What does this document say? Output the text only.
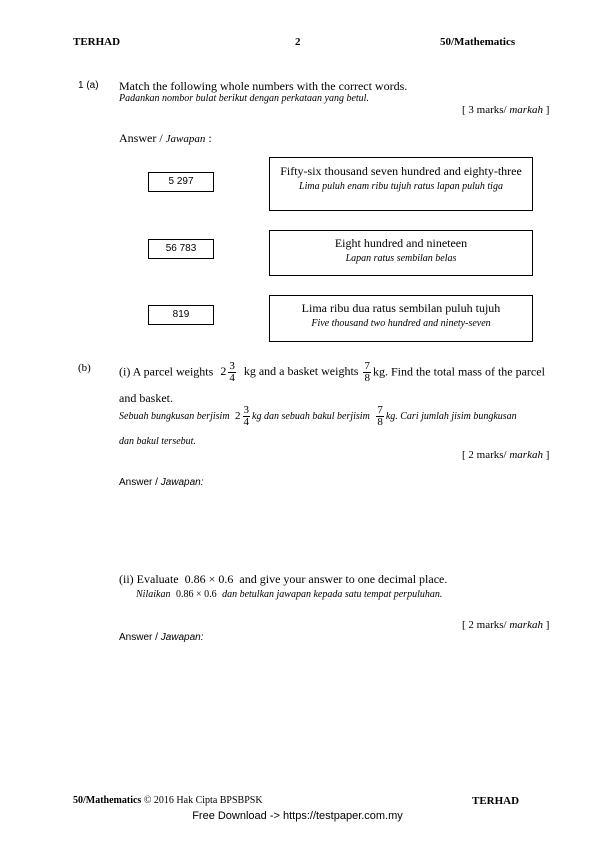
TERHAD	2	50/Mathematics
1 (a) Match the following whole numbers with the correct words.
Padankan nombor bulat berikut dengan perkataan yang betul.
[ 3 marks/ markah ]
Answer / Jawapan :
5 297
56 783
819
Fifty-six thousand seven hundred and eighty-three
Lima puluh enam ribu tujuh ratus lapan puluh tiga
Eight hundred and nineteen
Lapan ratus sembilan belas
Lima ribu dua ratus sembilan puluh tujuh
Five thousand two hundred and ninety-seven
(b) (i) A parcel weights $2 \frac{3}{4}$ kg and a basket weights $\frac{7}{8}$ kg. Find the total mass of the parcel
and basket.
Sebuah bungkusan berjisim $2 \frac{3}{4}$ kg dan sebuah bakul berjisim $\frac{7}{8}$ kg. Cari jumlah jisim bungkusan
dan bakul tersebut.
[ 2 marks/ markah ]
Answer / Jawapan:
(ii) Evaluate 0.86 × 0.6 and give your answer to one decimal place.
Nilaikan 0.86 × 0.6 dan betulkan jawapan kepada satu tempat perpuluhan.
[ 2 marks/ markah ]
Answer / Jawapan:
50/Mathematics © 2016 Hak Cipta BPSBPSK	TERHAD
Free Download -> https://testpaper.com.my
